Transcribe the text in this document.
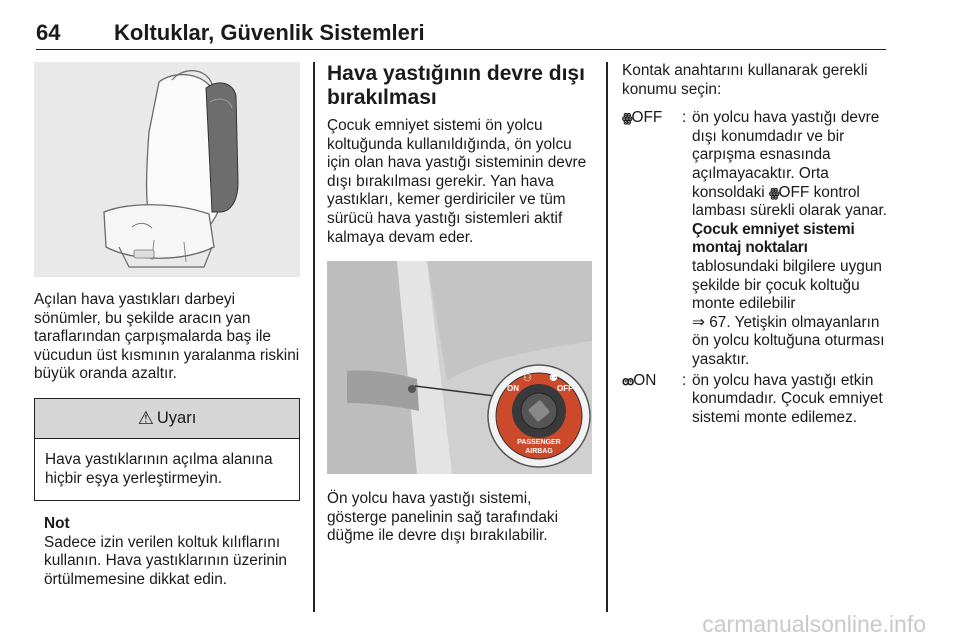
64 Koltuklar, Güvenlik Sistemleri

Açılan hava yastıkları darbeyi sönümler, bu şekilde aracın yan taraflarından çarpışmalarda baş ile vücudun üst kısmının yaralanma riskini büyük oranda azaltır.

⚠ Uyarı
Hava yastıklarının açılma alanına hiçbir eşya yerleştirmeyin.
Not
Sadece izin verilen koltuk kılıflarını kullanın. Hava yastıklarının üzerinin örtülmemesine dikkat edin.
Hava yastığının devre dışı bırakılması

Çocuk emniyet sistemi ön yolcu koltuğunda kullanıldığında, ön yolcu için olan hava yastığı sisteminin devre dışı bırakılması gerekir. Yan hava yastıkları, kemer gerdiriciler ve tüm sürücü hava yastığı sistemleri aktif kalmaya devam eder.

ON	OFF
PASSENGER
AIRBAG
⚇ ⚉

Ön yolcu hava yastığı sistemi, gösterge panelinin sağ tarafındaki düğme ile devre dışı bırakılabilir.

Kontak anahtarını kullanarak gerekli konumu seçin:

ꙮOFF	: ön yolcu hava yastığı devre dışı konumdadır ve bir çarpışma esnasında açılmayacaktır. Orta konsoldaki ꙮOFF kontrol lambası sürekli olarak yanar. Çocuk emniyet sistemi montaj noktaları tablosundaki bilgilere uygun şekilde bir çocuk koltuğu monte edilebilir
⇒ 67. Yetişkin olmayanların ön yolcu koltuğuna oturması yasaktır.
ꙭON	: ön yolcu hava yastığı etkin konumdadır. Çocuk emniyet sistemi monte edilemez.
carmanualsonline.info
